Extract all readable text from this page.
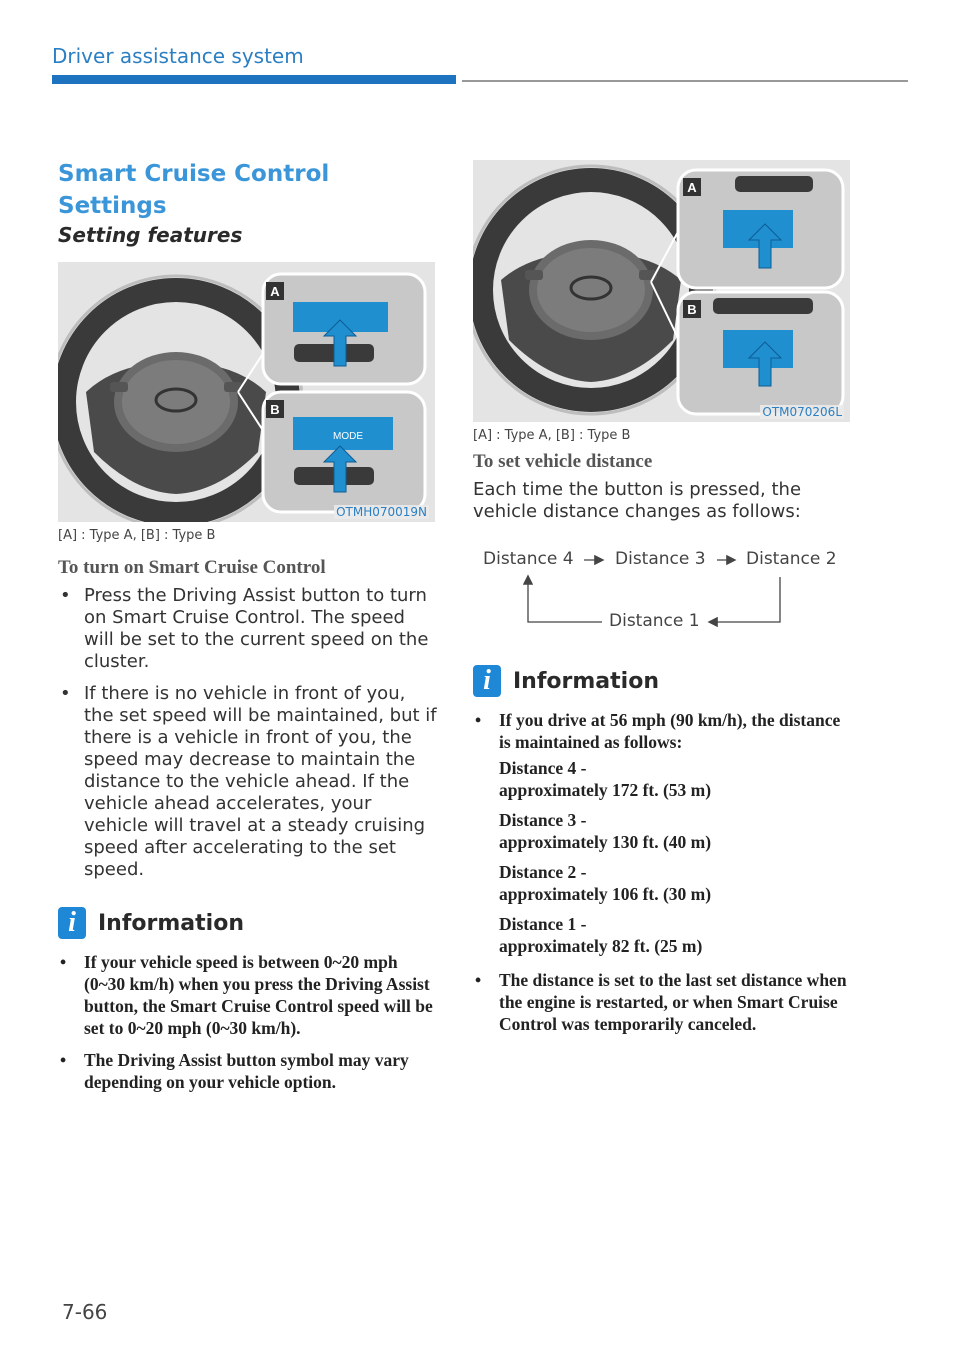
Driver assistance system
Smart Cruise Control Settings
Setting features
A
MODE
B
OTMH070019N
[A] : Type A, [B] : Type B
To turn on Smart Cruise Control
• Press the Driving Assist button to turn on Smart Cruise Control. The speed will be set to the current speed on the cluster.
• If there is no vehicle in front of you, the set speed will be maintained, but if there is a vehicle in front of you, the speed may decrease to maintain the distance to the vehicle ahead. If the vehicle ahead accelerates, your vehicle will travel at a steady cruising speed after accelerating to the set speed.
i	Information
• If your vehicle speed is between 0~20 mph (0~30 km/h) when you press the Driving Assist button, the Smart Cruise Control speed will be set to 0~20 mph (0~30 km/h).
• The Driving Assist button symbol may vary depending on your vehicle option.
A
B
OTM070206L
[A] : Type A, [B] : Type B
To set vehicle distance
Each time the button is pressed, the vehicle distance changes as follows:
Distance 4 Distance 3 Distance 2
Distance 1
i	Information
• If you drive at 56 mph (90 km/h), the distance is maintained as follows:
Distance 4 -
approximately 172 ft. (53 m)
Distance 3 -
approximately 130 ft. (40 m)
Distance 2 -
approximately 106 ft. (30 m)
Distance 1 -
approximately 82 ft. (25 m)
• The distance is set to the last set distance when the engine is restarted, or when Smart Cruise Control was temporarily canceled.
7-66
